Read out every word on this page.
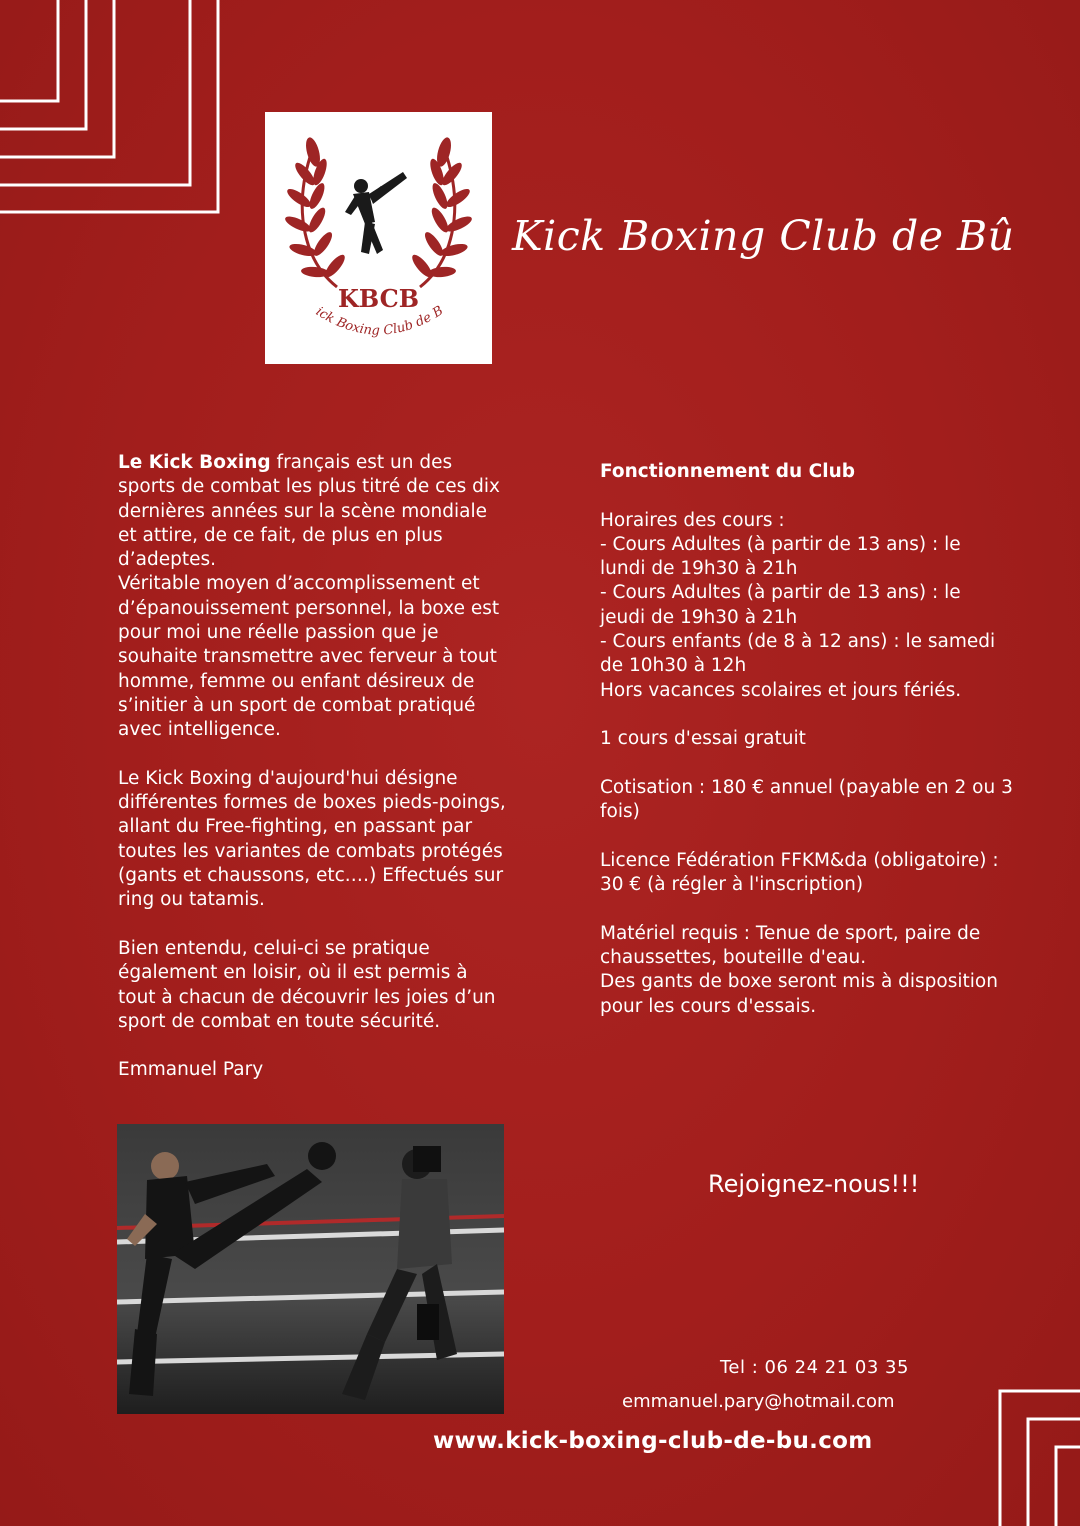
KBCB
ick Boxing Club de B
Kick Boxing Club de Bû

Le Kick Boxing français est un des

sports de combat les plus titré de ces dix

dernières années sur la scène mondiale

et attire, de ce fait, de plus en plus

d’adeptes.

Véritable moyen d’accomplissement et

d’épanouissement personnel, la boxe est

pour moi une réelle passion que je

souhaite transmettre avec ferveur à tout

homme, femme ou enfant désireux de

s’initier à un sport de combat pratiqué

avec intelligence.

Le Kick Boxing d'aujourd'hui désigne

différentes formes de boxes pieds-poings,

allant du Free-fighting, en passant par

toutes les variantes de combats protégés

(gants et chaussons, etc.…) Effectués sur

ring ou tatamis.

Bien entendu, celui-ci se pratique

également en loisir, où il est permis à

tout à chacun de découvrir les joies d’un

sport de combat en toute sécurité.

Emmanuel Pary

Fonctionnement du Club

Horaires des cours :

- Cours Adultes (à partir de 13 ans) : le

lundi de 19h30 à 21h

- Cours Adultes (à partir de 13 ans) : le

jeudi de 19h30 à 21h

- Cours enfants (de 8 à 12 ans) : le samedi

de 10h30 à 12h

Hors vacances scolaires et jours fériés.

1 cours d'essai gratuit

Cotisation : 180 € annuel (payable en 2 ou 3

fois)

Licence Fédération FFKM&da (obligatoire) :

30 € (à régler à l'inscription)

Matériel requis : Tenue de sport, paire de

chaussettes, bouteille d'eau.

Des gants de boxe seront mis à disposition

pour les cours d'essais.

Rejoignez-nous!!!
Tel : 06 24 21 03 35
emmanuel.pary@hotmail.com
www.kick-boxing-club-de-bu.com
